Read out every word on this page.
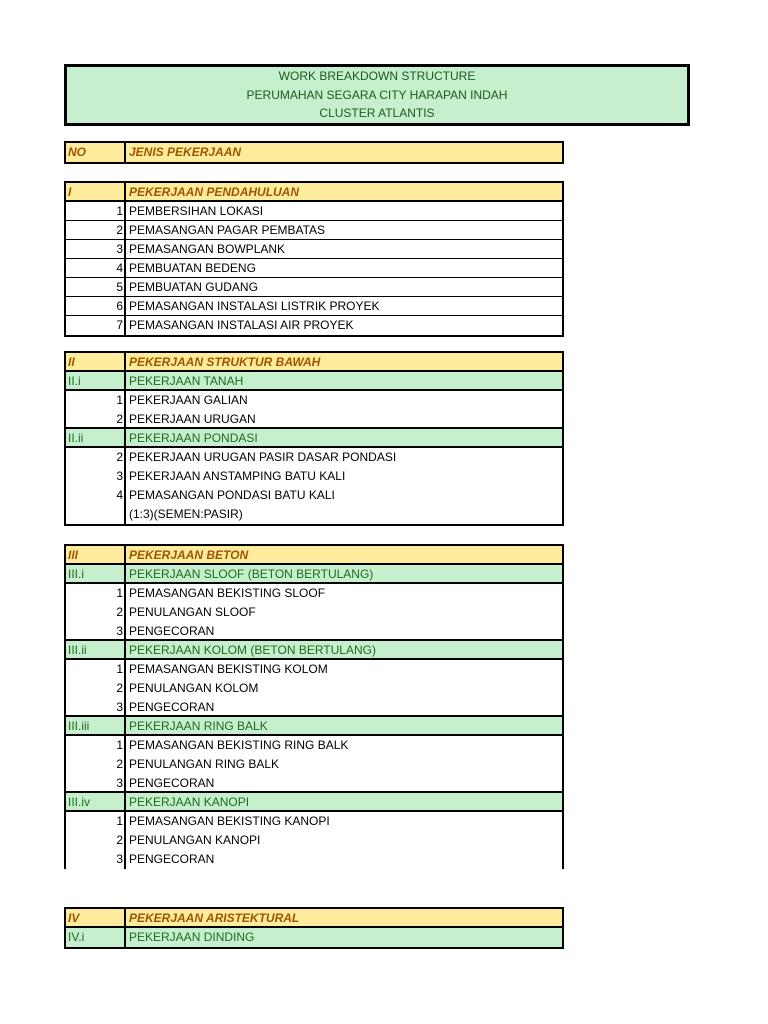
WORK BREAKDOWN STRUCTURE
PERUMAHAN SEGARA CITY HARAPAN INDAH
CLUSTER ATLANTIS
NO	JENIS PEKERJAAN
I	PEKERJAAN PENDAHULUAN
1 PEMBERSIHAN LOKASI
2 PEMASANGAN PAGAR PEMBATAS
3 PEMASANGAN BOWPLANK
4 PEMBUATAN BEDENG
5 PEMBUATAN GUDANG
6 PEMASANGAN INSTALASI LISTRIK PROYEK
7 PEMASANGAN INSTALASI AIR PROYEK
II	PEKERJAAN STRUKTUR BAWAH
II.i	PEKERJAAN TANAH
1 PEKERJAAN GALIAN
2 PEKERJAAN URUGAN
II.ii	PEKERJAAN PONDASI
2 PEKERJAAN URUGAN PASIR DASAR PONDASI
3 PEKERJAAN ANSTAMPING BATU KALI
4 PEMASANGAN PONDASI BATU KALI
(1:3)(SEMEN:PASIR)
III	PEKERJAAN BETON
III.i	PEKERJAAN SLOOF (BETON BERTULANG)
1 PEMASANGAN BEKISTING SLOOF
2 PENULANGAN SLOOF
3 PENGECORAN
III.ii	PEKERJAAN KOLOM (BETON BERTULANG)
1 PEMASANGAN BEKISTING KOLOM
2 PENULANGAN KOLOM
3 PENGECORAN
III.iii	PEKERJAAN RING BALK
1 PEMASANGAN BEKISTING RING BALK
2 PENULANGAN RING BALK
3 PENGECORAN
III.iv	PEKERJAAN KANOPI
1 PEMASANGAN BEKISTING KANOPI
2 PENULANGAN KANOPI
3 PENGECORAN
IV	PEKERJAAN ARISTEKTURAL
IV.i	PEKERJAAN DINDING
